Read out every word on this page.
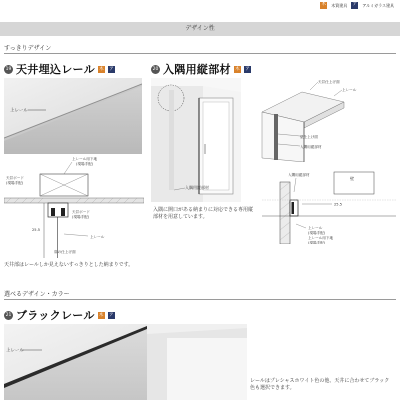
木	木質建具 ア	アルミガラス建具
デザイン性
すっきりデザイン
19 天井埋込レール 木 ア
上レール
25.5
上レール用下地
(現場手配)
天井ボード
(現場手配)
天井ボード
(現場手配)
上レール
扉の仕上げ面
天井部はレールしか見えないすっきりとした納まりです。
20 入隅用縦部材 木 ア
入隅用縦部材
天井仕上げ面
上レール
壁仕上げ面
入隅用縦部材
壁
25.5
入隅用縦部材
上レール
(現場手配)
上レール用下地
(現場手配)
入隅に開口がある納まりに対応できる専用縦部材を用意しています。
選べるデザイン・カラー
21 ブラックレール 木 ア
上レール
レールはプレシャスホワイト色の他、天井に合わせてブラック色も選択できます。
